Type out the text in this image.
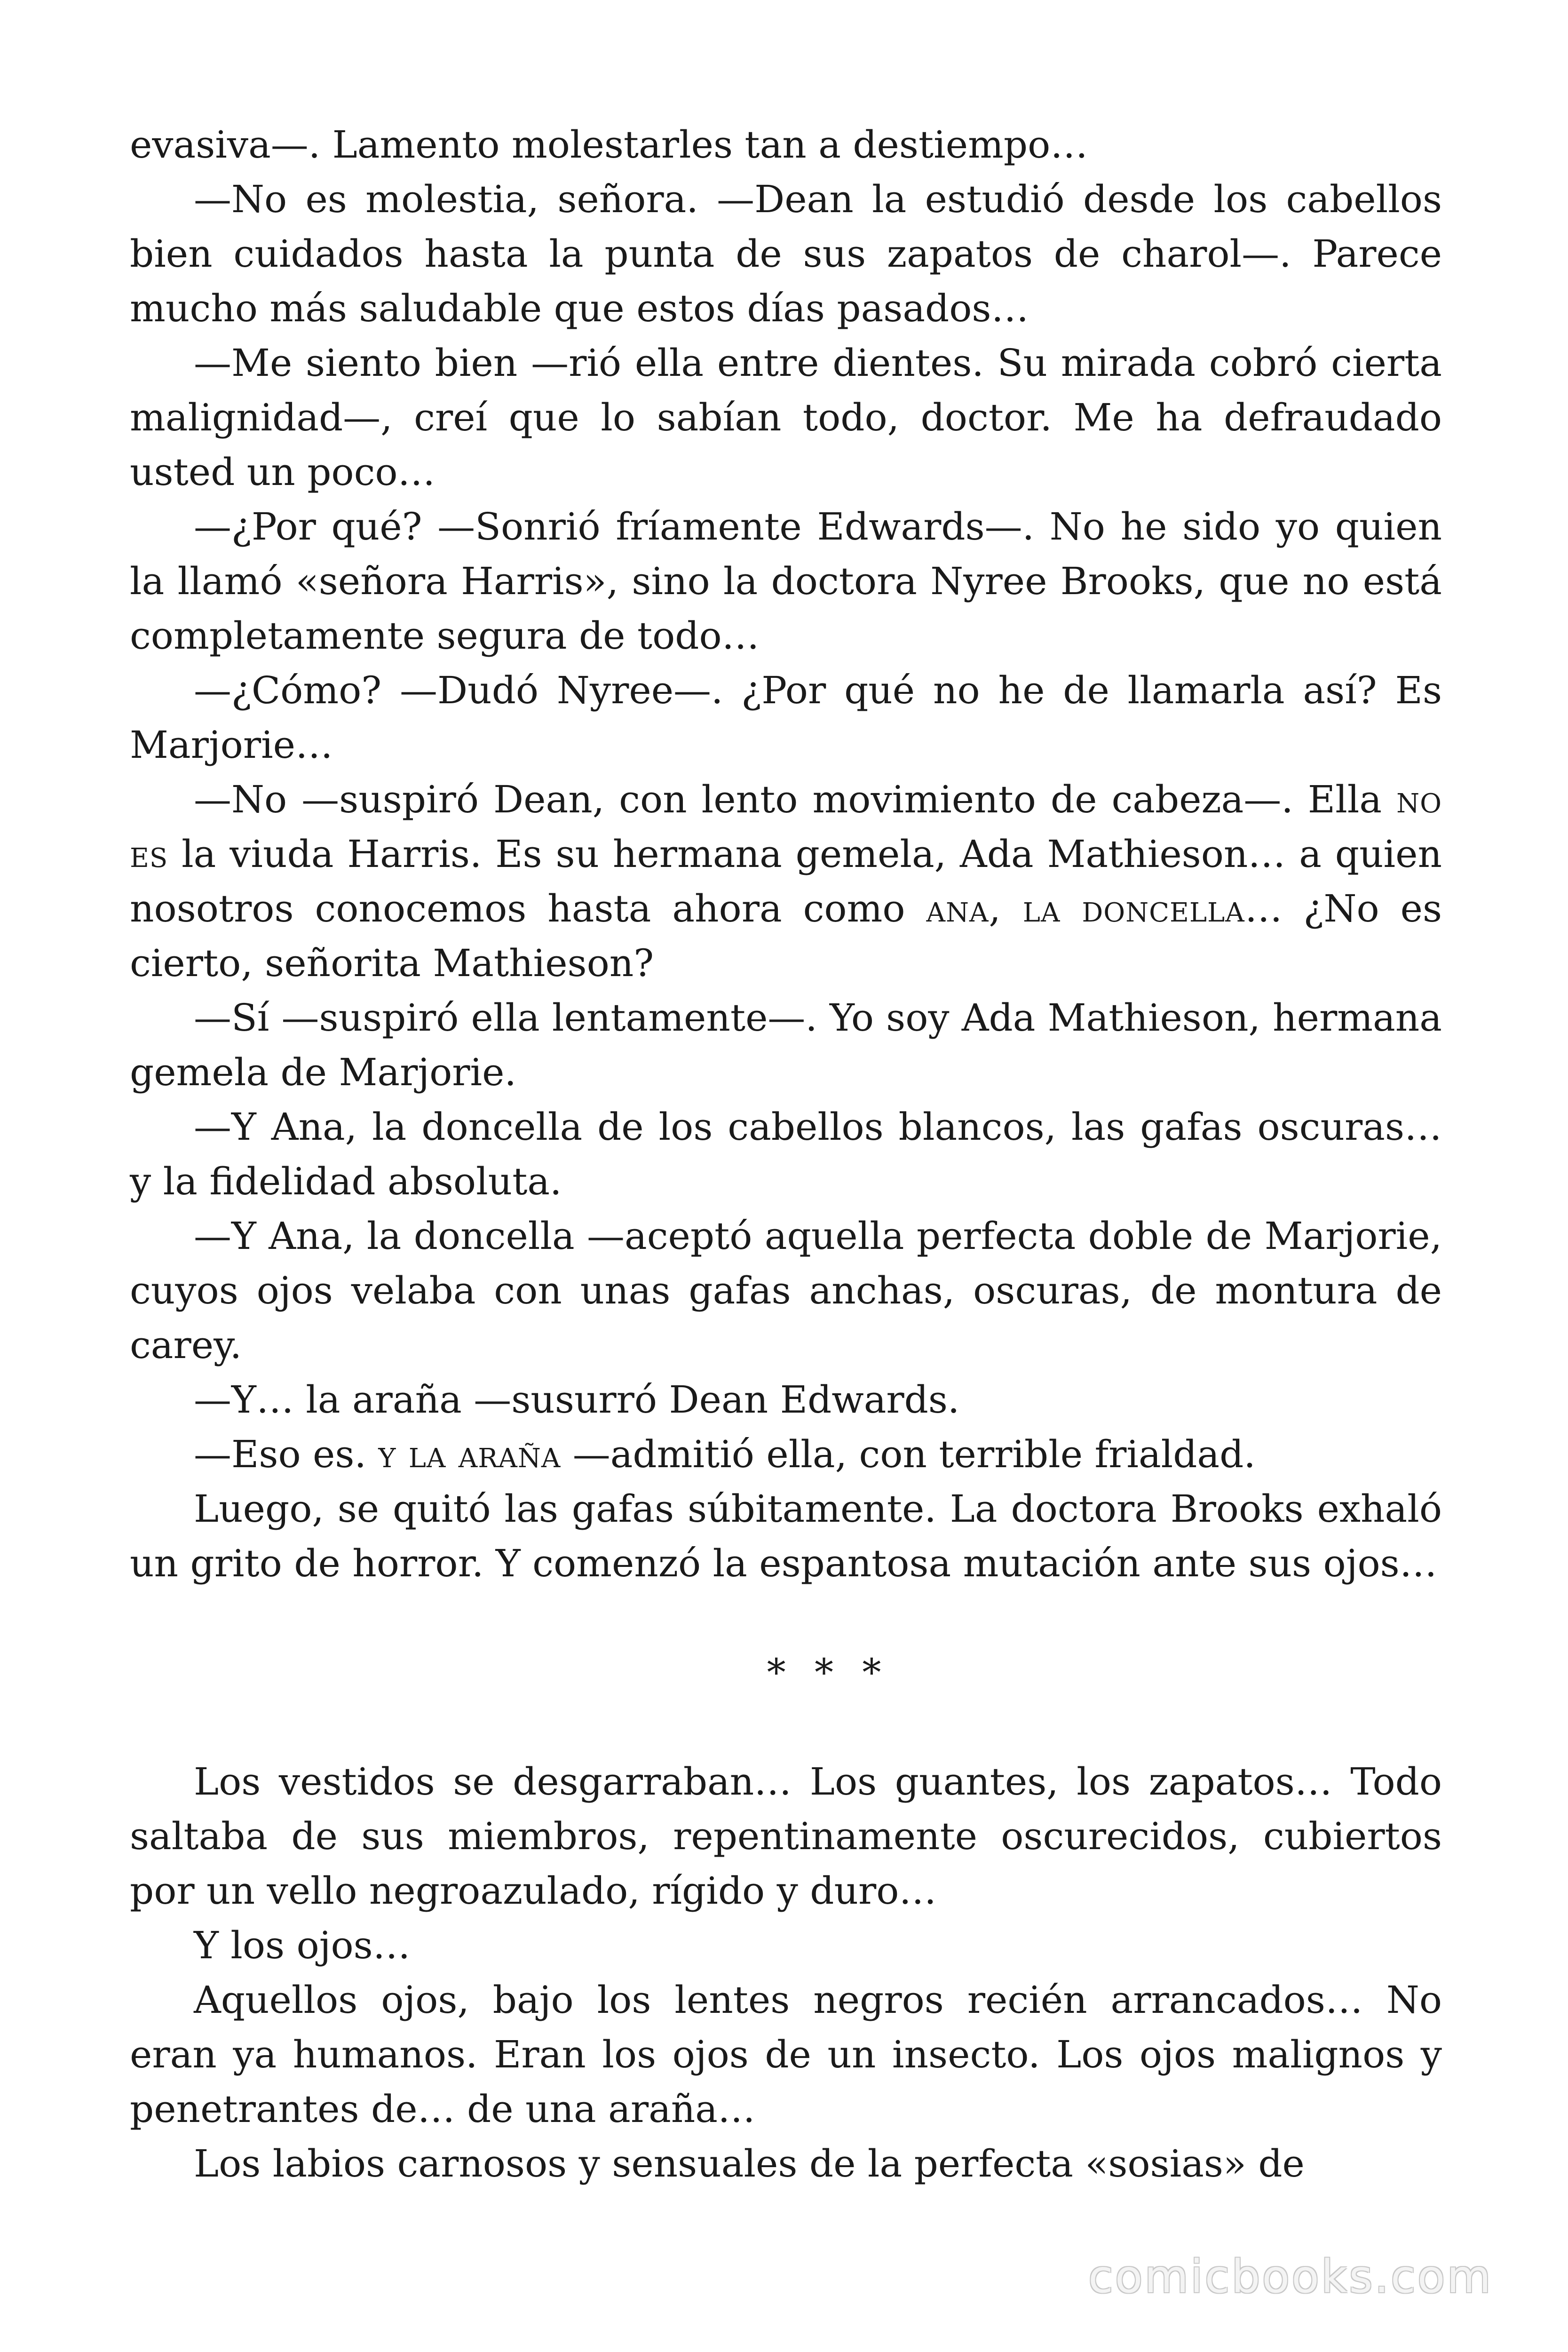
evasiva—. Lamento molestarles tan a destiempo…

—No es molestia, señora. —Dean la estudió desde los cabellos bien cuidados hasta la punta de sus zapatos de charol—. Parece mucho más saludable que estos días pasados…

—Me siento bien —rió ella entre dientes. Su mirada cobró cierta malignidad—, creí que lo sabían todo, doctor. Me ha defraudado usted un poco…

—¿Por qué? —Sonrió fríamente Edwards—. No he sido yo quien la llamó «señora Harris», sino la doctora Nyree Brooks, que no está completamente segura de todo…

—¿Cómo? —Dudó Nyree—. ¿Por qué no he de llamarla así? Es Marjorie…

—No —suspiró Dean, con lento movimiento de cabeza—. Ella no es la viuda Harris. Es su hermana gemela, Ada Mathieson… a quien nosotros conocemos hasta ahora como ana, la doncella… ¿No es cierto, señorita Mathieson?

—Sí —suspiró ella lentamente—. Yo soy Ada Mathieson, hermana gemela de Marjorie.

—Y Ana, la doncella de los cabellos blancos, las gafas oscuras… y la fidelidad absoluta.

—Y Ana, la doncella —aceptó aquella perfecta doble de Marjorie, cuyos ojos velaba con unas gafas anchas, oscuras, de montura de carey.

—Y… la araña —susurró Dean Edwards.

—Eso es. y la araña —admitió ella, con terrible frialdad.

Luego, se quitó las gafas súbitamente. La doctora Brooks exhaló un grito de horror. Y comenzó la espantosa mutación ante sus ojos…

* * *

Los vestidos se desgarraban… Los guantes, los zapatos… Todo saltaba de sus miembros, repentinamente oscurecidos, cubiertos por un vello negroazulado, rígido y duro…

Y los ojos…

Aquellos ojos, bajo los lentes negros recién arrancados… No eran ya humanos. Eran los ojos de un insecto. Los ojos malignos y penetrantes de… de una araña…

Los labios carnosos y sensuales de la perfecta «sosias» de

comicbooks.com
